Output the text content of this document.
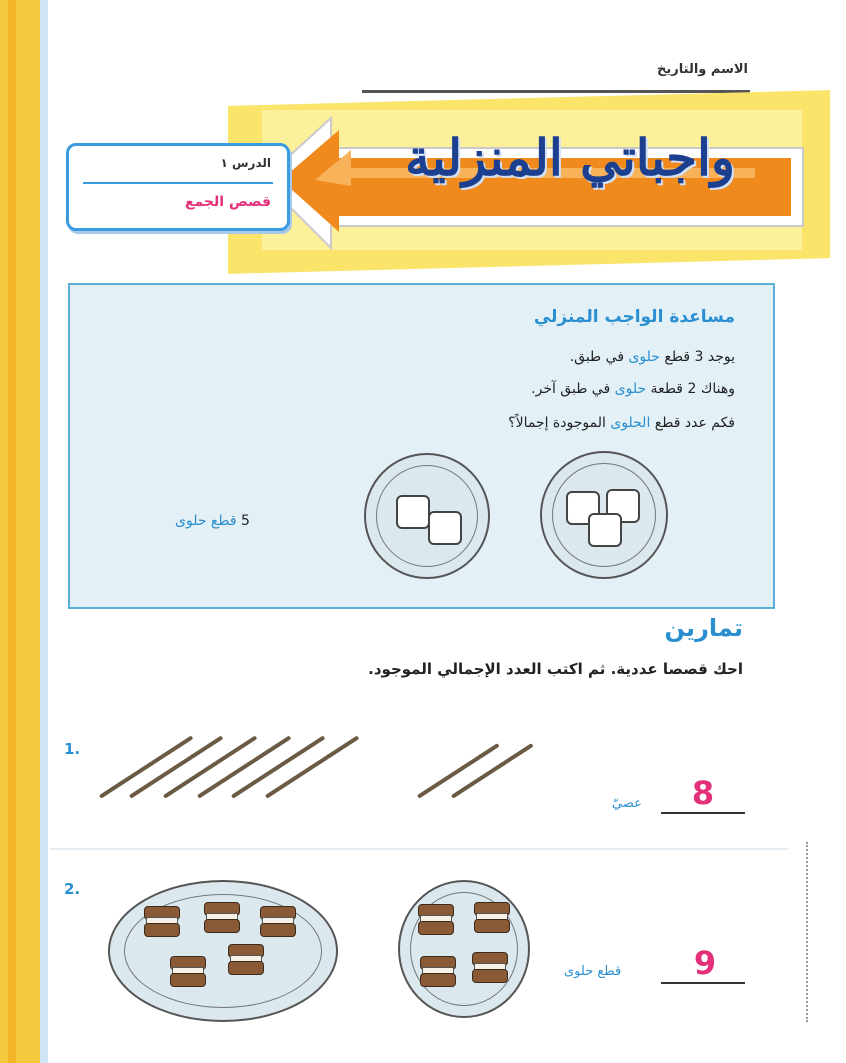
الاسم والتاريخ
واجباتي المنزلية
الدرس ١
قصص الجمع
مساعدة الواجب المنزلي
يوجد 3 قطع حلوى في طبق.
وهناك 2 قطعة حلوى في طبق آخر.
فكم عدد قطع الحلوى الموجودة إجمالاً؟
5 قطع حلوى
تمارين
احك قصصا عددية. ثم اكتب العدد الإجمالي الموجود.
1.
8
عصيّ
2.
9
قطع حلوى
